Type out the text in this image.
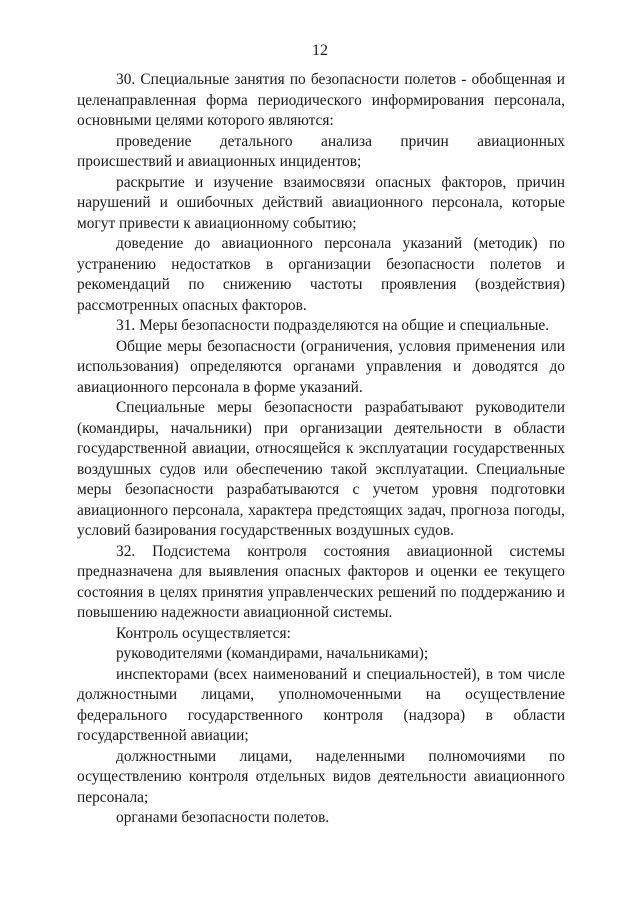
12

30. Специальные занятия по безопасности полетов - обобщенная и целенаправленная форма периодического информирования персонала, основными целями которого являются:

проведение детального анализа причин авиационных происшествий и авиационных инцидентов;

раскрытие и изучение взаимосвязи опасных факторов, причин нарушений и ошибочных действий авиационного персонала, которые могут привести к авиационному событию;

доведение до авиационного персонала указаний (методик) по устранению недостатков в организации безопасности полетов и рекомендаций по снижению частоты проявления (воздействия) рассмотренных опасных факторов.

31. Меры безопасности подразделяются на общие и специальные.

Общие меры безопасности (ограничения, условия применения или использования) определяются органами управления и доводятся до авиационного персонала в форме указаний.

Специальные меры безопасности разрабатывают руководители (командиры, начальники) при организации деятельности в области государственной авиации, относящейся к эксплуатации государственных воздушных судов или обеспечению такой эксплуатации. Специальные меры безопасности разрабатываются с учетом уровня подготовки авиационного персонала, характера предстоящих задач, прогноза погоды, условий базирования государственных воздушных судов.

32. Подсистема контроля состояния авиационной системы предназначена для выявления опасных факторов и оценки ее текущего состояния в целях принятия управленческих решений по поддержанию и повышению надежности авиационной системы.

Контроль осуществляется:

руководителями (командирами, начальниками);

инспекторами (всех наименований и специальностей), в том числе должностными лицами, уполномоченными на осуществление федерального государственного контроля (надзора) в области государственной авиации;

должностными лицами, наделенными полномочиями по осуществлению контроля отдельных видов деятельности авиационного персонала;

органами безопасности полетов.
